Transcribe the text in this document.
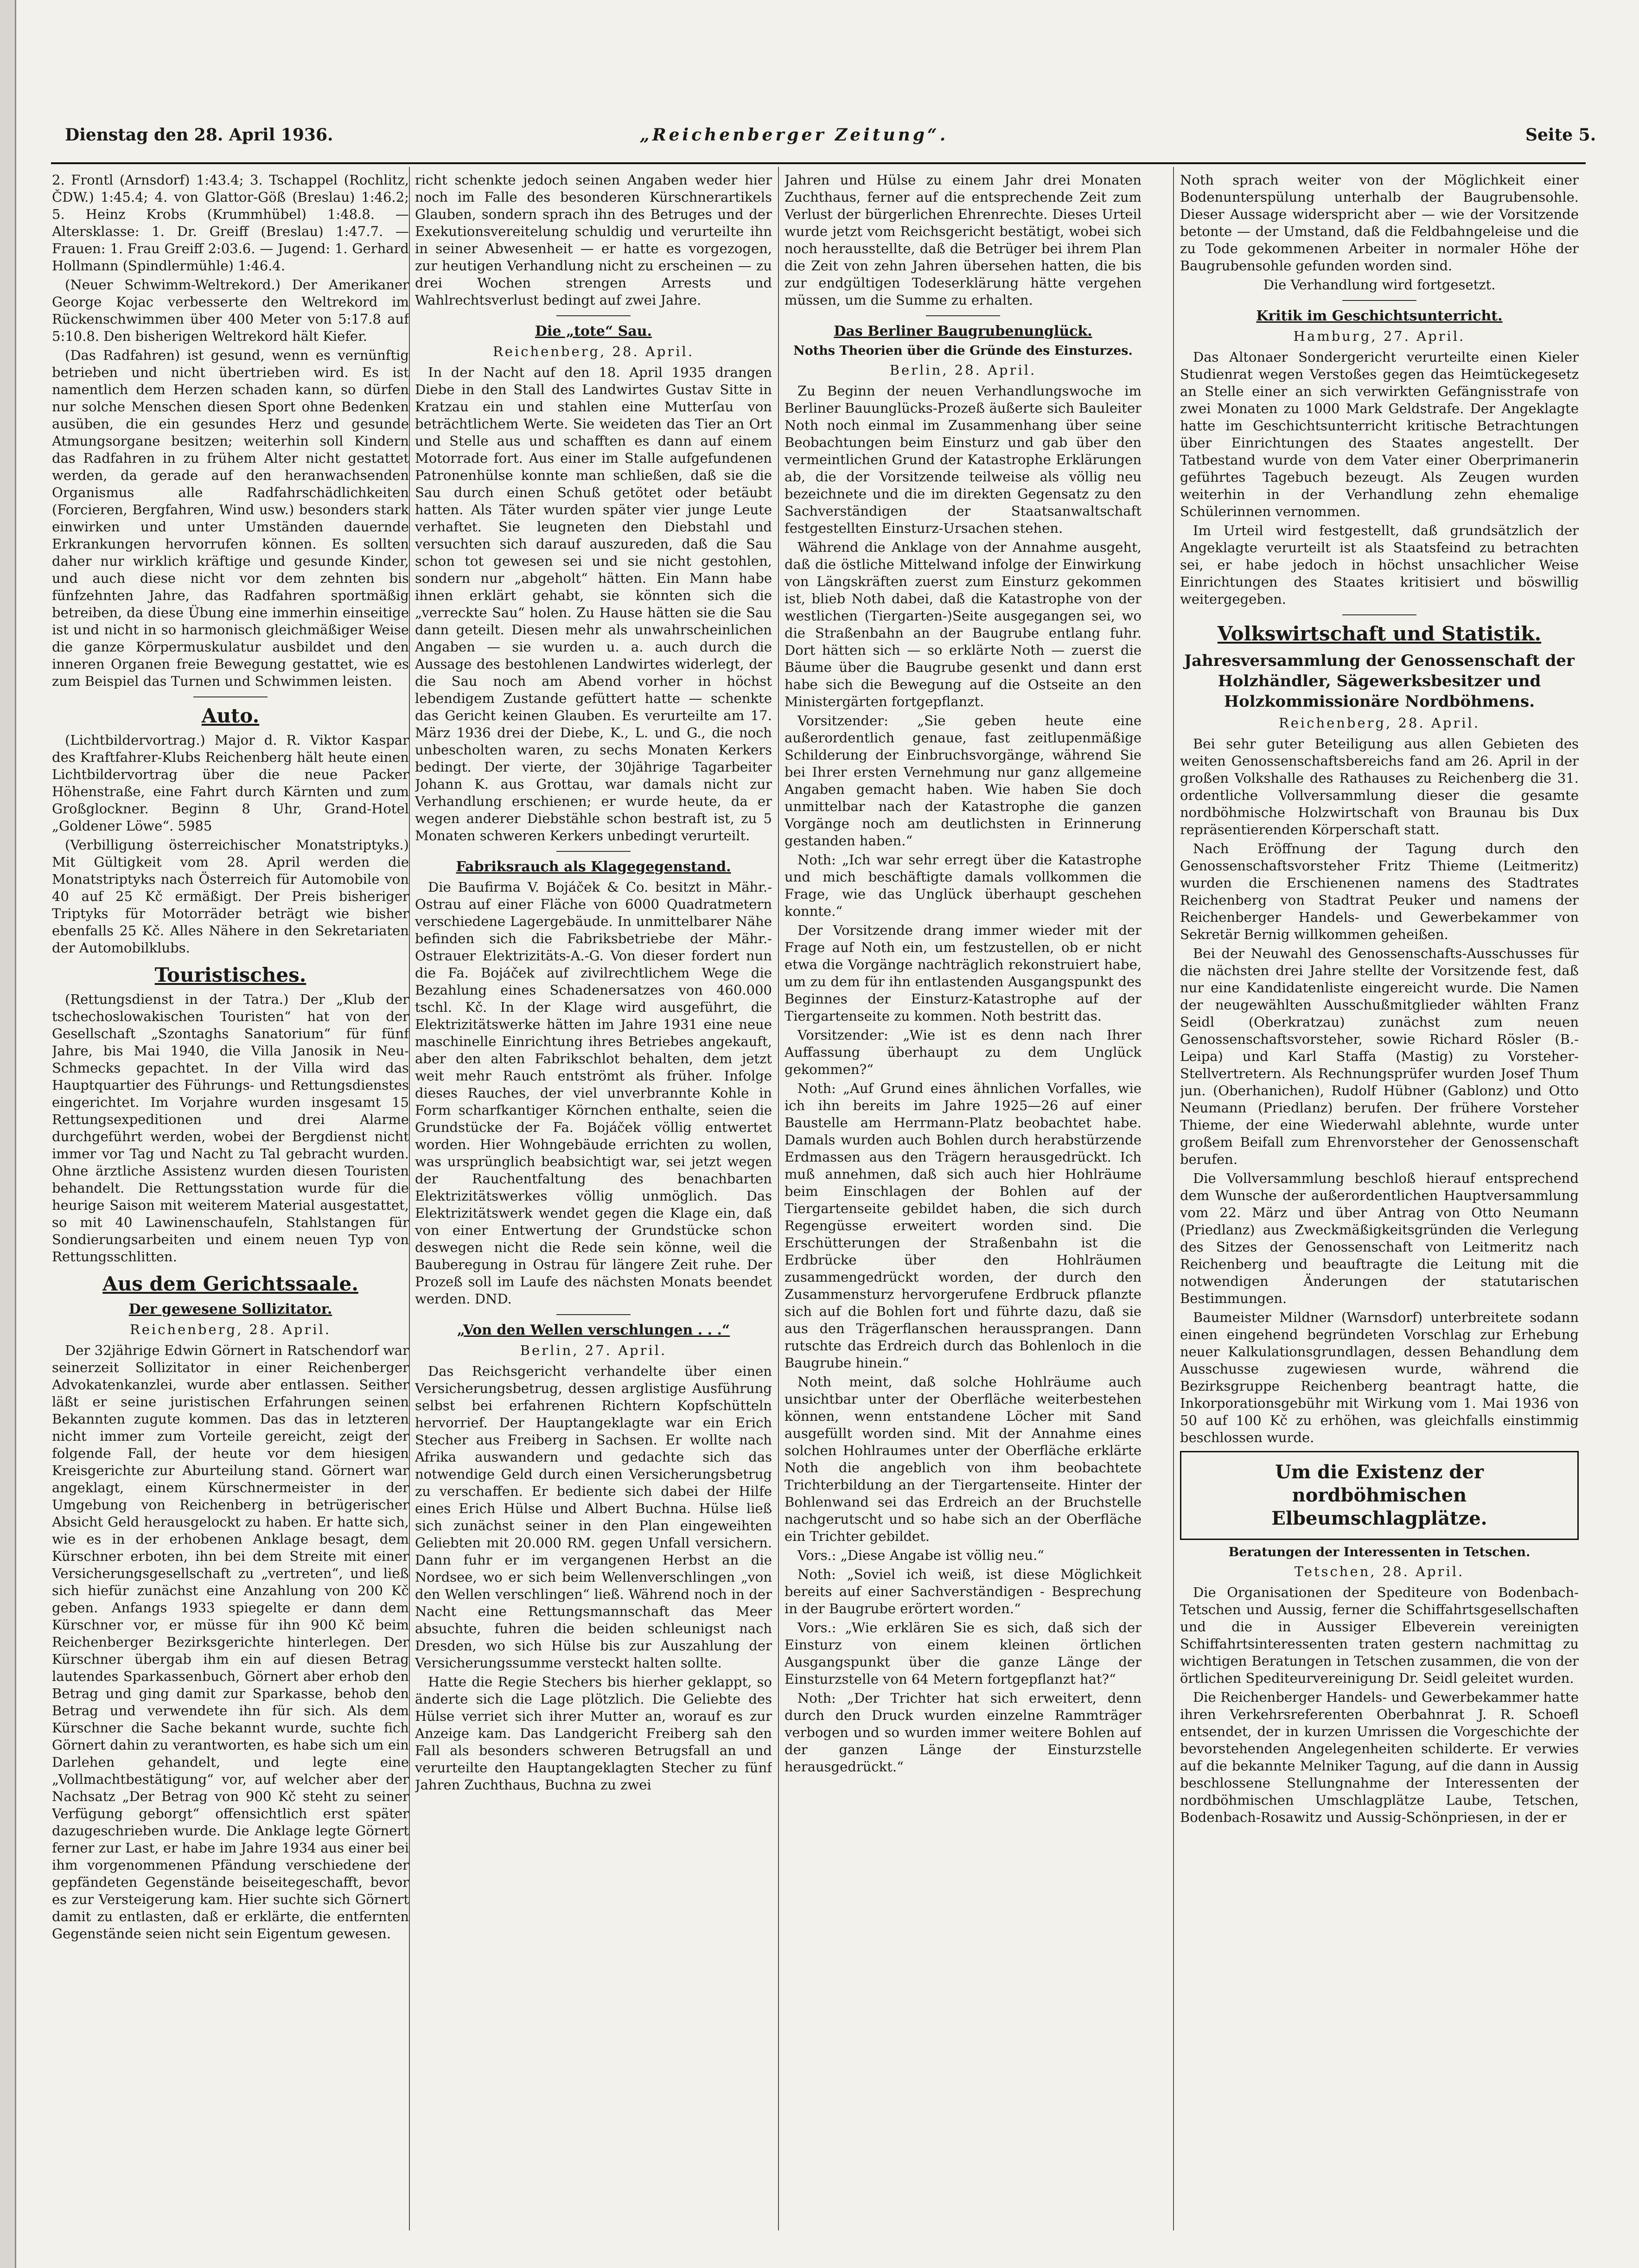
Dienstag den 28. April 1936.	„Reichenberger Zeitung“.	Seite 5.

2. Frontl (Arnsdorf) 1:43.4; 3. Tschappel (Rochlitz, ČDW.) 1:45.4; 4. von Glattor-Göß (Breslau) 1:46.2; 5. Heinz Krobs (Krummhübel) 1:48.8. — Altersklasse: 1. Dr. Greiff (Breslau) 1:47.7. — Frauen: 1. Frau Greiff 2:03.6. — Jugend: 1. Gerhard Hollmann (Spindlermühle) 1:46.4.

(Neuer Schwimm-Weltrekord.) Der Amerikaner George Kojac verbesserte den Weltrekord im Rückenschwimmen über 400 Meter von 5:17.8 auf 5:10.8. Den bisherigen Weltrekord hält Kiefer.

(Das Radfahren) ist gesund, wenn es vernünftig betrieben und nicht übertrieben wird. Es ist namentlich dem Herzen schaden kann, so dürfen nur solche Menschen diesen Sport ohne Bedenken ausüben, die ein gesundes Herz und gesunde Atmungsorgane besitzen; weiterhin soll Kindern das Radfahren in zu frühem Alter nicht gestattet werden, da gerade auf den heranwachsenden Organismus alle Radfahrschädlichkeiten (Forcieren, Bergfahren, Wind usw.) besonders stark einwirken und unter Umständen dauernde Erkrankungen hervorrufen können. Es sollten daher nur wirklich kräftige und gesunde Kinder, und auch diese nicht vor dem zehnten bis fünfzehnten Jahre, das Radfahren sportmäßig betreiben, da diese Übung eine immerhin einseitige ist und nicht in so harmonisch gleichmäßiger Weise die ganze Körpermuskulatur ausbildet und den inneren Organen freie Bewegung gestattet, wie es zum Beispiel das Turnen und Schwimmen leisten.

Auto.

(Lichtbildervortrag.) Major d. R. Viktor Kaspar des Kraftfahrer-Klubs Reichenberg hält heute einen Lichtbildervortrag über die neue Packer Höhenstraße, eine Fahrt durch Kärnten und zum Großglockner. Beginn 8 Uhr, Grand-Hotel „Goldener Löwe“. 5985

(Verbilligung österreichischer Monatstriptyks.) Mit Gültigkeit vom 28. April werden die Monatstriptyks nach Österreich für Automobile von 40 auf 25 Kč ermäßigt. Der Preis bisheriger Triptyks für Motorräder beträgt wie bisher ebenfalls 25 Kč. Alles Nähere in den Sekretariaten der Automobilklubs.

Touristisches.

(Rettungsdienst in der Tatra.) Der „Klub der tschechoslowakischen Touristen“ hat von der Gesellschaft „Szontaghs Sanatorium“ für fünf Jahre, bis Mai 1940, die Villa Janosik in Neu-Schmecks gepachtet. In der Villa wird das Hauptquartier des Führungs- und Rettungsdienstes eingerichtet. Im Vorjahre wurden insgesamt 15 Rettungsexpeditionen und drei Alarme durchgeführt werden, wobei der Bergdienst nicht immer vor Tag und Nacht zu Tal gebracht wurden. Ohne ärztliche Assistenz wurden diesen Touristen behandelt. Die Rettungsstation wurde für die heurige Saison mit weiterem Material ausgestattet, so mit 40 Lawinenschaufeln, Stahlstangen für Sondierungsarbeiten und einem neuen Typ von Rettungsschlitten.

Aus dem Gerichtssaale.
Der gewesene Sollizitator.
Reichenberg, 28. April.

Der 32jährige Edwin Görnert in Ratschendorf war seinerzeit Sollizitator in einer Reichenberger Advokatenkanzlei, wurde aber entlassen. Seither läßt er seine juristischen Erfahrungen seinen Bekannten zugute kommen. Das das in letzteren nicht immer zum Vorteile gereicht, zeigt der folgende Fall, der heute vor dem hiesigen Kreisgerichte zur Aburteilung stand. Görnert war angeklagt, einem Kürschnermeister in der Umgebung von Reichenberg in betrügerischer Absicht Geld herausgelockt zu haben. Er hatte sich, wie es in der erhobenen Anklage besagt, dem Kürschner erboten, ihn bei dem Streite mit einer Versicherungsgesellschaft zu „vertreten“, und ließ sich hiefür zunächst eine Anzahlung von 200 Kč geben. Anfangs 1933 spiegelte er dann dem Kürschner vor, er müsse für ihn 900 Kč beim Reichenberger Bezirksgerichte hinterlegen. Der Kürschner übergab ihm ein auf diesen Betrag lautendes Sparkassenbuch, Görnert aber erhob den Betrag und ging damit zur Sparkasse, behob den Betrag und verwendete ihn für sich. Als dem Kürschner die Sache bekannt wurde, suchte fich Görnert dahin zu verantworten, es habe sich um ein Darlehen gehandelt, und legte eine „Vollmachtbestätigung“ vor, auf welcher aber der Nachsatz „Der Betrag von 900 Kč steht zu seiner Verfügung geborgt“ offensichtlich erst später dazugeschrieben wurde. Die Anklage legte Görnert ferner zur Last, er habe im Jahre 1934 aus einer bei ihm vorgenommenen Pfändung verschiedene der gepfändeten Gegenstände beiseitegeschafft, bevor es zur Versteigerung kam. Hier suchte sich Görnert damit zu entlasten, daß er erklärte, die entfernten Gegenstände seien nicht sein Eigentum gewesen.

richt schenkte jedoch seinen Angaben weder hier noch im Falle des besonderen Kürschnerartikels Glauben, sondern sprach ihn des Betruges und der Exekutionsvereitelung schuldig und verurteilte ihn in seiner Abwesenheit — er hatte es vorgezogen, zur heutigen Verhandlung nicht zu erscheinen — zu drei Wochen strengen Arrests und Wahlrechtsverlust bedingt auf zwei Jahre.

Die „tote“ Sau.
Reichenberg, 28. April.

In der Nacht auf den 18. April 1935 drangen Diebe in den Stall des Landwirtes Gustav Sitte in Kratzau ein und stahlen eine Mutterſau von beträchtlichem Werte. Sie weideten das Tier an Ort und Stelle aus und schafften es dann auf einem Motorrade fort. Aus einer im Stalle aufgefundenen Patronenhülse konnte man schließen, daß sie die Sau durch einen Schuß getötet oder betäubt hatten. Als Täter wurden später vier junge Leute verhaftet. Sie leugneten den Diebstahl und versuchten sich darauf auszureden, daß die Sau schon tot gewesen sei und sie nicht gestohlen, sondern nur „abgeholt“ hätten. Ein Mann habe ihnen erklärt gehabt, sie könnten sich die „verreckte Sau“ holen. Zu Hause hätten sie die Sau dann geteilt. Diesen mehr als unwahrscheinlichen Angaben — sie wurden u. a. auch durch die Aussage des bestohlenen Landwirtes widerlegt, der die Sau noch am Abend vorher in höchst lebendigem Zustande gefüttert hatte — schenkte das Gericht keinen Glauben. Es verurteilte am 17. März 1936 drei der Diebe, K., L. und G., die noch unbescholten waren, zu sechs Monaten Kerkers bedingt. Der vierte, der 30jährige Tagarbeiter Johann K. aus Grottau, war damals nicht zur Verhandlung erschienen; er wurde heute, da er wegen anderer Diebstähle schon bestraft ist, zu 5 Monaten schweren Kerkers unbedingt verurteilt.

Fabriksrauch als Klagegegenstand.

Die Baufirma V. Bojáček & Co. besitzt in Mähr.-Ostrau auf einer Fläche von 6000 Quadratmetern verschiedene Lagergebäude. In unmittelbarer Nähe befinden sich die Fabriksbetriebe der Mähr.-Ostrauer Elektrizitäts-A.-G. Von dieser fordert nun die Fa. Bojáček auf zivilrechtlichem Wege die Bezahlung eines Schadenersatzes von 460.000 tschl. Kč. In der Klage wird ausgeführt, die Elektrizitätswerke hätten im Jahre 1931 eine neue maschinelle Einrichtung ihres Betriebes angekauft, aber den alten Fabrikschlot behalten, dem jetzt weit mehr Rauch entströmt als früher. Infolge dieses Rauches, der viel unverbrannte Kohle in Form scharfkantiger Körnchen enthalte, seien die Grundstücke der Fa. Bojáček völlig entwertet worden. Hier Wohngebäude errichten zu wollen, was ursprünglich beabsichtigt war, sei jetzt wegen der Rauchentfaltung des benachbarten Elektrizitätswerkes völlig unmöglich. Das Elektrizitätswerk wendet gegen die Klage ein, daß von einer Entwertung der Grundstücke schon deswegen nicht die Rede sein könne, weil die Bauberegung in Ostrau für längere Zeit ruhe. Der Prozeß soll im Laufe des nächsten Monats beendet werden. DND.

„Von den Wellen verschlungen . . .“
Berlin, 27. April.

Das Reichsgericht verhandelte über einen Versicherungsbetrug, dessen arglistige Ausführung selbst bei erfahrenen Richtern Kopfschütteln hervorrief. Der Hauptangeklagte war ein Erich Stecher aus Freiberg in Sachsen. Er wollte nach Afrika auswandern und gedachte sich das notwendige Geld durch einen Versicherungsbetrug zu verschaffen. Er bediente sich dabei der Hilfe eines Erich Hülse und Albert Buchna. Hülse ließ sich zunächst seiner in den Plan eingeweihten Geliebten mit 20.000 RM. gegen Unfall versichern. Dann fuhr er im vergangenen Herbst an die Nordsee, wo er sich beim Wellenverschlingen „von den Wellen verschlingen“ ließ. Während noch in der Nacht eine Rettungsmannschaft das Meer absuchte, fuhren die beiden schleunigst nach Dresden, wo sich Hülse bis zur Auszahlung der Versicherungssumme versteckt halten sollte.

Hatte die Regie Stechers bis hierher geklappt, so änderte sich die Lage plötzlich. Die Geliebte des Hülse verriet sich ihrer Mutter an, worauf es zur Anzeige kam. Das Landgericht Freiberg sah den Fall als besonders schweren Betrugsfall an und verurteilte den Hauptangeklagten Stecher zu fünf Jahren Zuchthaus, Buchna zu zwei

Jahren und Hülse zu einem Jahr drei Monaten Zuchthaus, ferner auf die entsprechende Zeit zum Verlust der bürgerlichen Ehrenrechte. Dieses Urteil wurde jetzt vom Reichsgericht bestätigt, wobei sich noch herausstellte, daß die Betrüger bei ihrem Plan die Zeit von zehn Jahren übersehen hatten, die bis zur endgültigen Todeserklärung hätte vergehen müssen, um die Summe zu erhalten.

Das Berliner Baugrubenunglück.
Noths Theorien über die Gründe des Einsturzes.
Berlin, 28. April.

Zu Beginn der neuen Verhandlungswoche im Berliner Bauunglücks-Prozeß äußerte sich Bauleiter Noth noch einmal im Zusammenhang über seine Beobachtungen beim Einsturz und gab über den vermeintlichen Grund der Katastrophe Erklärungen ab, die der Vorsitzende teilweise als völlig neu bezeichnete und die im direkten Gegensatz zu den Sachverständigen der Staatsanwaltschaft festgestellten Einsturz-Ursachen stehen.

Während die Anklage von der Annahme ausgeht, daß die östliche Mittelwand infolge der Einwirkung von Längskräften zuerst zum Einsturz gekommen ist, blieb Noth dabei, daß die Katastrophe von der westlichen (Tiergarten-)Seite ausgegangen sei, wo die Straßenbahn an der Baugrube entlang fuhr. Dort hätten sich — so erklärte Noth — zuerst die Bäume über die Baugrube gesenkt und dann erst habe sich die Bewegung auf die Ostseite an den Ministergärten fortgepflanzt.

Vorsitzender: „Sie geben heute eine außerordentlich genaue, fast zeitlupenmäßige Schilderung der Einbruchsvorgänge, während Sie bei Ihrer ersten Vernehmung nur ganz allgemeine Angaben gemacht haben. Wie haben Sie doch unmittelbar nach der Katastrophe die ganzen Vorgänge noch am deutlichsten in Erinnerung gestanden haben.“

Noth: „Ich war sehr erregt über die Katastrophe und mich beschäftigte damals vollkommen die Frage, wie das Unglück überhaupt geschehen konnte.“

Der Vorsitzende drang immer wieder mit der Frage auf Noth ein, um festzustellen, ob er nicht etwa die Vorgänge nachträglich rekonstruiert habe, um zu dem für ihn entlastenden Ausgangspunkt des Beginnes der Einsturz-Katastrophe auf der Tiergartenseite zu kommen. Noth bestritt das.

Vorsitzender: „Wie ist es denn nach Ihrer Auffassung überhaupt zu dem Unglück gekommen?“

Noth: „Auf Grund eines ähnlichen Vorfalles, wie ich ihn bereits im Jahre 1925—26 auf einer Baustelle am Herrmann-Platz beobachtet habe. Damals wurden auch Bohlen durch herabstürzende Erdmassen aus den Trägern herausgedrückt. Ich muß annehmen, daß sich auch hier Hohlräume beim Einschlagen der Bohlen auf der Tiergartenseite gebildet haben, die sich durch Regengüsse erweitert worden sind. Die Erschütterungen der Straßenbahn ist die Erdbrücke über den Hohlräumen zusammengedrückt worden, der durch den Zusammensturz hervorgerufene Erdbruck pflanzte sich auf die Bohlen fort und führte dazu, daß sie aus den Trägerflanschen heraussprangen. Dann rutschte das Erdreich durch das Bohlenloch in die Baugrube hinein.“

Noth meint, daß solche Hohlräume auch unsichtbar unter der Oberfläche weiterbestehen können, wenn entstandene Löcher mit Sand ausgefüllt worden sind. Mit der Annahme eines solchen Hohlraumes unter der Oberfläche erklärte Noth die angeblich von ihm beobachtete Trichterbildung an der Tiergartenseite. Hinter der Bohlenwand sei das Erdreich an der Bruchstelle nachgerutscht und so habe sich an der Oberfläche ein Trichter gebildet.

Vors.: „Diese Angabe ist völlig neu.“

Noth: „Soviel ich weiß, ist diese Möglichkeit bereits auf einer Sachverständigen - Besprechung in der Baugrube erörtert worden.“

Vors.: „Wie erklären Sie es sich, daß sich der Einsturz von einem kleinen örtlichen Ausgangspunkt über die ganze Länge der Einsturzstelle von 64 Metern fortgepflanzt hat?“

Noth: „Der Trichter hat sich erweitert, denn durch den Druck wurden einzelne Rammträger verbogen und so wurden immer weitere Bohlen auf der ganzen Länge der Einsturzstelle herausgedrückt.“

Noth sprach weiter von der Möglichkeit einer Bodenunterspülung unterhalb der Baugrubensohle. Dieser Aussage widerspricht aber — wie der Vorsitzende betonte — der Umstand, daß die Feldbahngeleise und die zu Tode gekommenen Arbeiter in normaler Höhe der Baugrubensohle gefunden worden sind.

Die Verhandlung wird fortgesetzt.

Kritik im Geschichtsunterricht.
Hamburg, 27. April.

Das Altonaer Sondergericht verurteilte einen Kieler Studienrat wegen Verstoßes gegen das Heimtückegesetz an Stelle einer an sich verwirkten Gefängnisstrafe von zwei Monaten zu 1000 Mark Geldstrafe. Der Angeklagte hatte im Geschichtsunterricht kritische Betrachtungen über Einrichtungen des Staates angestellt. Der Tatbestand wurde von dem Vater einer Oberprimanerin geführtes Tagebuch bezeugt. Als Zeugen wurden weiterhin in der Verhandlung zehn ehemalige Schülerinnen vernommen.

Im Urteil wird festgestellt, daß grundsätzlich der Angeklagte verurteilt ist als Staatsfeind zu betrachten sei, er habe jedoch in höchst unsachlicher Weise Einrichtungen des Staates kritisiert und böswillig weitergegeben.

Volkswirtschaft und Statistik.
Jahresversammlung der Genossenschaft der Holzhändler, Sägewerksbesitzer und Holzkommissionäre Nordböhmens.
Reichenberg, 28. April.

Bei sehr guter Beteiligung aus allen Gebieten des weiten Genossenschaftsbereichs fand am 26. April in der großen Volkshalle des Rathauses zu Reichenberg die 31. ordentliche Vollversammlung dieser die gesamte nordböhmische Holzwirtschaft von Braunau bis Dux repräsentierenden Körperschaft statt.

Nach Eröffnung der Tagung durch den Genossenschaftsvorsteher Fritz Thieme (Leitmeritz) wurden die Erschienenen namens des Stadtrates Reichenberg von Stadtrat Peuker und namens der Reichenberger Handels- und Gewerbekammer von Sekretär Bernig willkommen geheißen.

Bei der Neuwahl des Genossenschafts-Ausschusses für die nächsten drei Jahre stellte der Vorsitzende fest, daß nur eine Kandidatenliste eingereicht wurde. Die Namen der neugewählten Ausschußmitglieder wählten Franz Seidl (Oberkratzau) zunächst zum neuen Genossenschaftsvorsteher, sowie Richard Rösler (B.-Leipa) und Karl Staffa (Mastig) zu Vorsteher-Stellvertretern. Als Rechnungsprüfer wurden Josef Thum jun. (Oberhanichen), Rudolf Hübner (Gablonz) und Otto Neumann (Priedlanz) berufen. Der frühere Vorsteher Thieme, der eine Wiederwahl ablehnte, wurde unter großem Beifall zum Ehrenvorsteher der Genossenschaft berufen.

Die Vollversammlung beschloß hierauf entsprechend dem Wunsche der außerordentlichen Hauptversammlung vom 22. März und über Antrag von Otto Neumann (Priedlanz) aus Zweckmäßigkeitsgründen die Verlegung des Sitzes der Genossenschaft von Leitmeritz nach Reichenberg und beauftragte die Leitung mit die notwendigen Änderungen der statutarischen Bestimmungen.

Baumeister Mildner (Warnsdorf) unterbreitete sodann einen eingehend begründeten Vorschlag zur Erhebung neuer Kalkulationsgrundlagen, dessen Behandlung dem Ausschusse zugewiesen wurde, während die Bezirksgruppe Reichenberg beantragt hatte, die Inkorporationsgebühr mit Wirkung vom 1. Mai 1936 von 50 auf 100 Kč zu erhöhen, was gleichfalls einstimmig beschlossen wurde.

Um die Existenz der nordböhmischen Elbeumschlagplätze.
Beratungen der Interessenten in Tetschen.
Tetschen, 28. April.

Die Organisationen der Spediteure von Bodenbach-Tetschen und Aussig, ferner die Schiffahrtsgesellschaften und die in Aussiger Elbeverein vereinigten Schiffahrtsinteressenten traten gestern nachmittag zu wichtigen Beratungen in Tetschen zusammen, die von der örtlichen Spediteurvereinigung Dr. Seidl geleitet wurden.

Die Reichenberger Handels- und Gewerbekammer hatte ihren Verkehrsreferenten Oberbahnrat J. R. Schoefl entsendet, der in kurzen Umrissen die Vorgeschichte der bevorstehenden Angelegenheiten schilderte. Er verwies auf die bekannte Melniker Tagung, auf die dann in Aussig beschlossene Stellungnahme der Interessenten der nordböhmischen Umschlagplätze Laube, Tetschen, Bodenbach-Rosawitz und Aussig-Schönpriesen, in der er
